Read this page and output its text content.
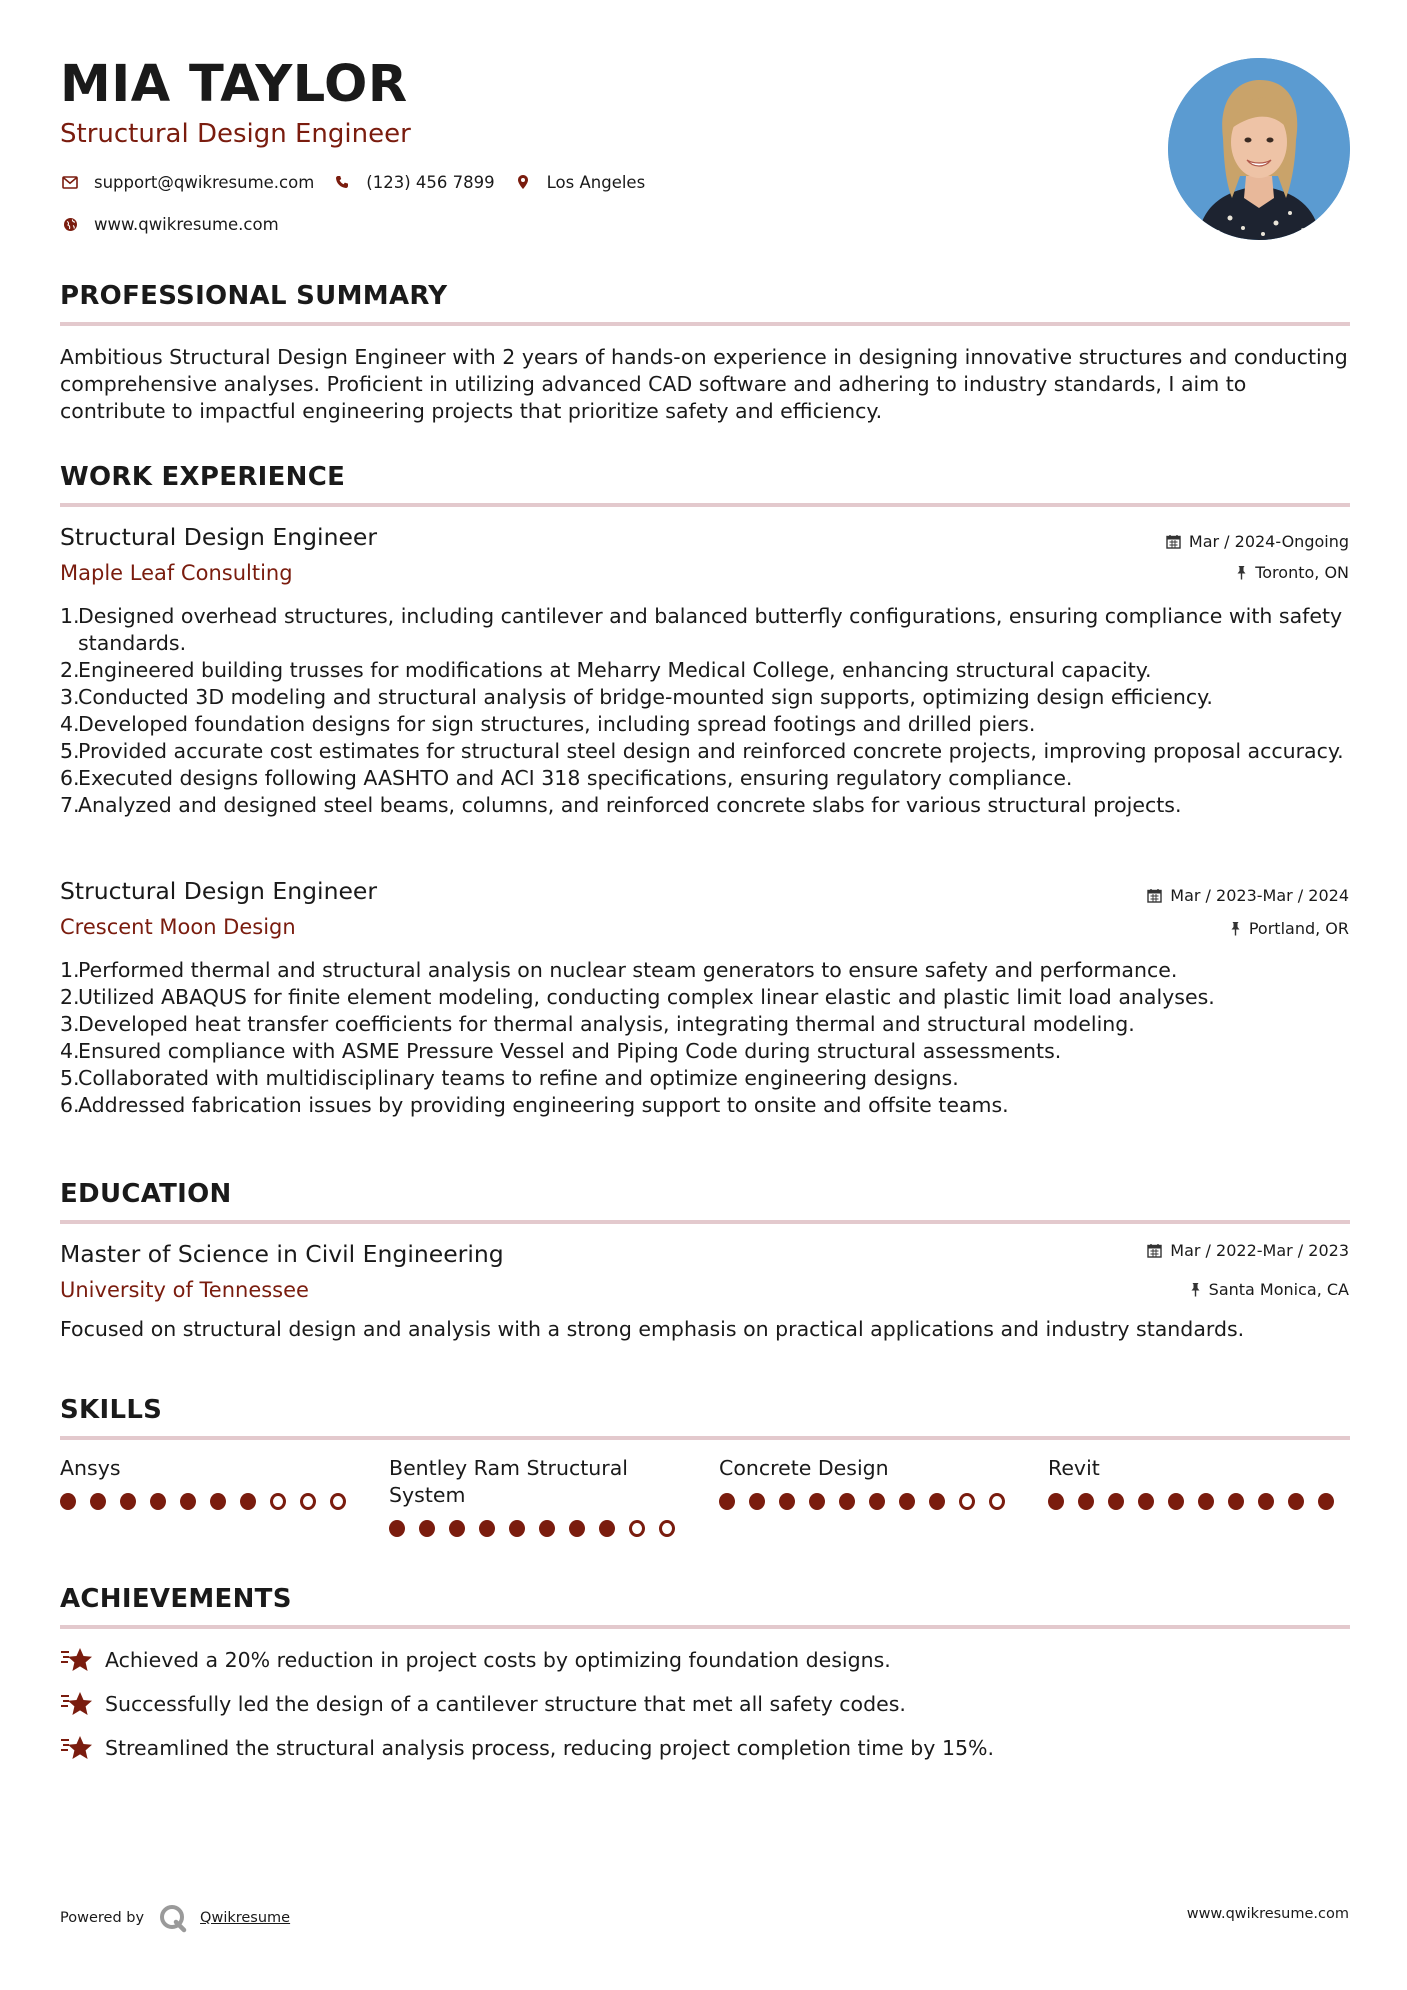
MIA TAYLOR
Structural Design Engineer
support@qwikresume.com	(123) 456 7899	Los Angeles
www.qwikresume.com
PROFESSIONAL SUMMARY
Ambitious Structural Design Engineer with 2 years of hands-on experience in designing innovative structures and conducting comprehensive analyses. Proficient in utilizing advanced CAD software and adhering to industry standards, I aim to contribute to impactful engineering projects that prioritize safety and efficiency.
WORK EXPERIENCE
Structural Design Engineer
Maple Leaf Consulting
Mar / 2024-Ongoing
Toronto, ON
1.
Designed overhead structures, including cantilever and balanced butterfly configurations, ensuring compliance with safety standards.
2.
Engineered building trusses for modifications at Meharry Medical College, enhancing structural capacity.
3.
Conducted 3D modeling and structural analysis of bridge-mounted sign supports, optimizing design efficiency.
4.
Developed foundation designs for sign structures, including spread footings and drilled piers.
5.
Provided accurate cost estimates for structural steel design and reinforced concrete projects, improving proposal accuracy.
6.
Executed designs following AASHTO and ACI 318 specifications, ensuring regulatory compliance.
7.
Analyzed and designed steel beams, columns, and reinforced concrete slabs for various structural projects.
Structural Design Engineer
Crescent Moon Design
Mar / 2023-Mar / 2024
Portland, OR
1.
Performed thermal and structural analysis on nuclear steam generators to ensure safety and performance.
2.
Utilized ABAQUS for finite element modeling, conducting complex linear elastic and plastic limit load analyses.
3.
Developed heat transfer coefficients for thermal analysis, integrating thermal and structural modeling.
4.
Ensured compliance with ASME Pressure Vessel and Piping Code during structural assessments.
5.
Collaborated with multidisciplinary teams to refine and optimize engineering designs.
6.
Addressed fabrication issues by providing engineering support to onsite and offsite teams.
EDUCATION
Master of Science in Civil Engineering
University of Tennessee
Mar / 2022-Mar / 2023
Santa Monica, CA
Focused on structural design and analysis with a strong emphasis on practical applications and industry standards.
SKILLS
Ansys	Bentley Ram Structural System
Concrete Design	Revit
ACHIEVEMENTS
Achieved a 20% reduction in project costs by optimizing foundation designs.
Successfully led the design of a cantilever structure that met all safety codes.
Streamlined the structural analysis process, reducing project completion time by 15%.
Powered by	Qwikresume	www.qwikresume.com
